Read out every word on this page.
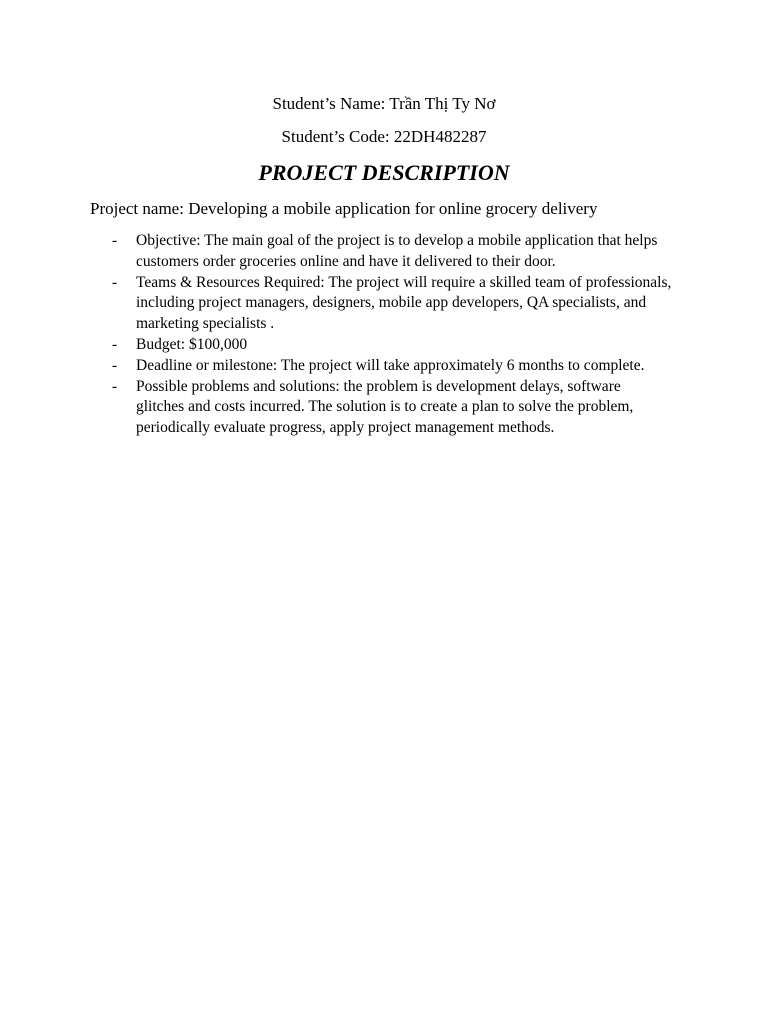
Student’s Name: Trần Thị Ty Nơ
Student’s Code: 22DH482287
PROJECT DESCRIPTION
Project name: Developing a mobile application for online grocery delivery
- Objective: The main goal of the project is to develop a mobile application that helps customers order groceries online and have it delivered to their door.
- Teams & Resources Required: The project will require a skilled team of professionals, including project managers, designers, mobile app developers, QA specialists, and marketing specialists .
- Budget: $100,000
- Deadline or milestone: The project will take approximately 6 months to complete.
- Possible problems and solutions: the problem is development delays, software glitches and costs incurred. The solution is to create a plan to solve the problem, periodically evaluate progress, apply project management methods.
